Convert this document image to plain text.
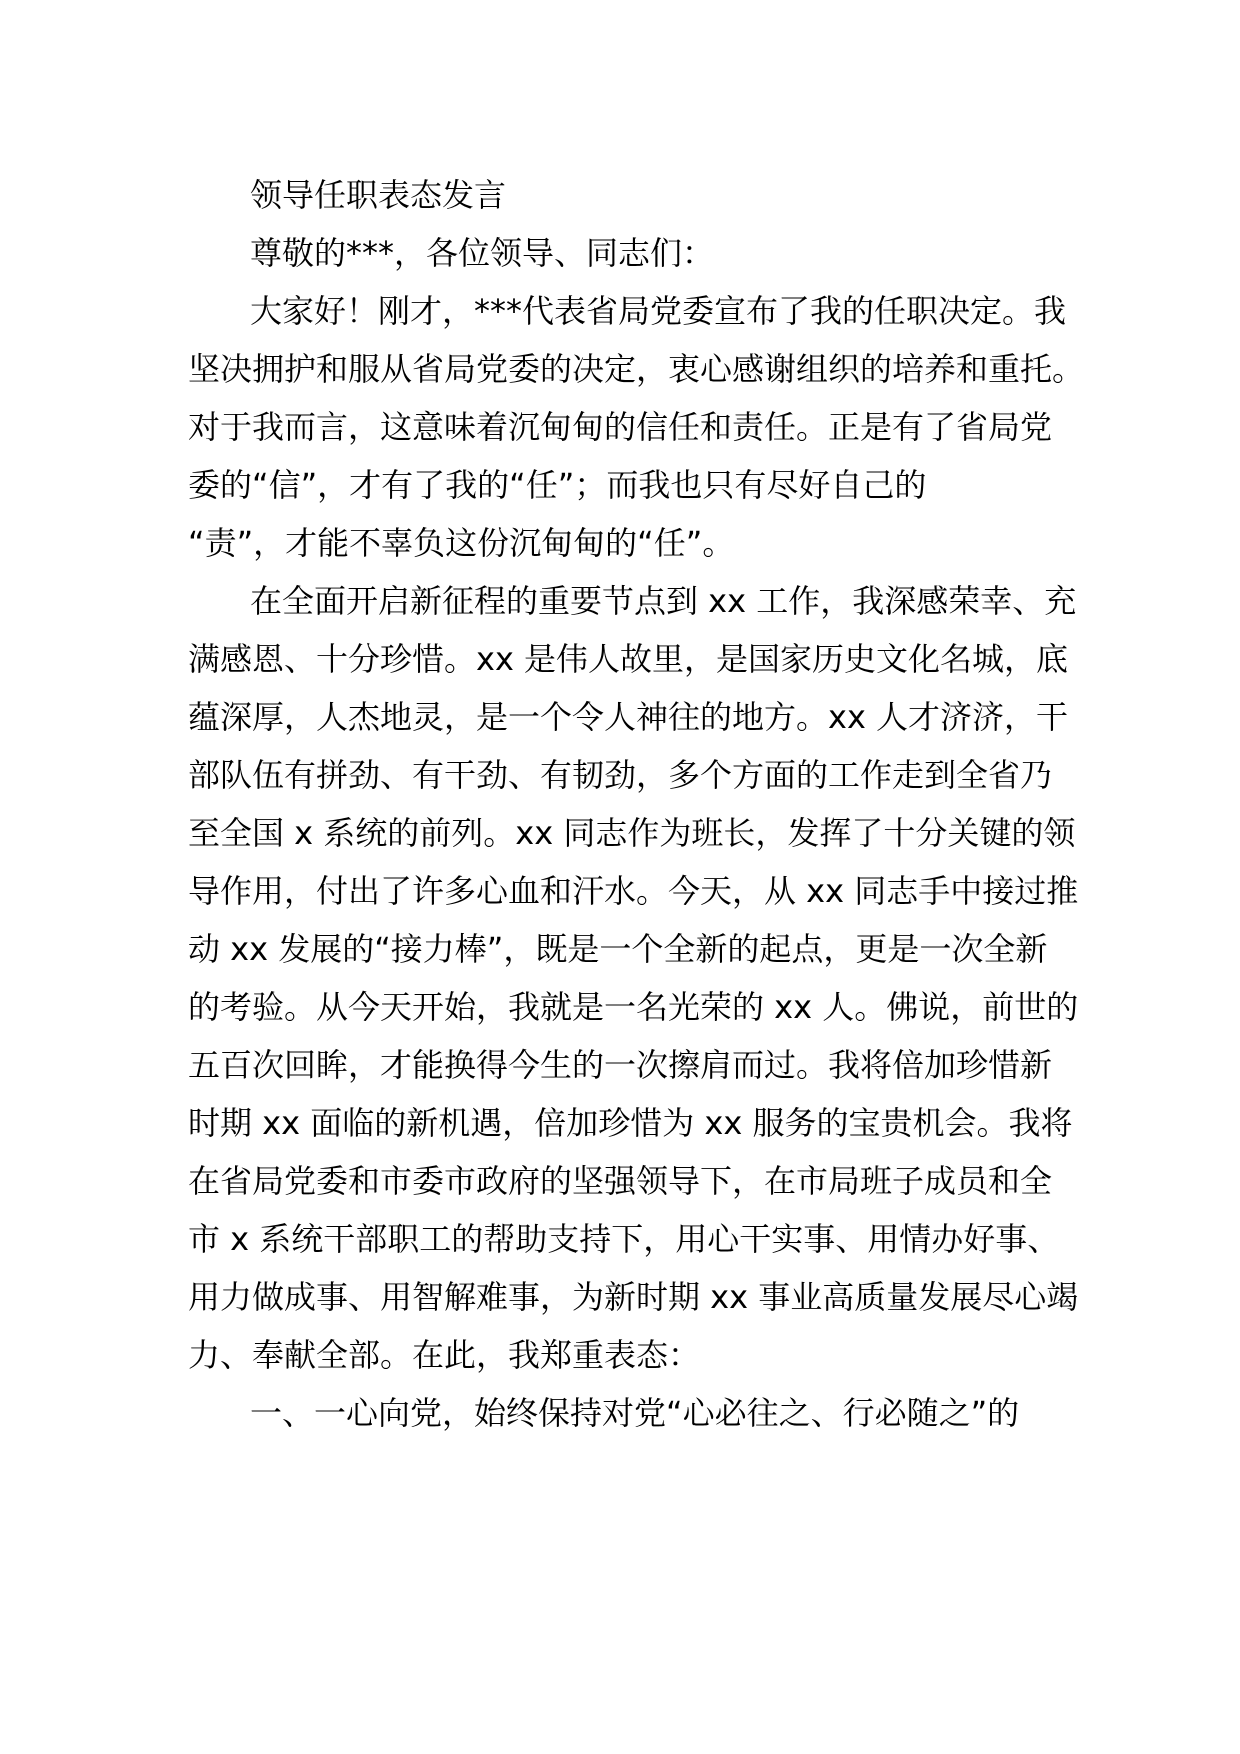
领导任职表态发言
尊敬的***，各位领导、同志们：
大家好！刚才，***代表省局党委宣布了我的任职决定。我
坚决拥护和服从省局党委的决定，衷心感谢组织的培养和重托。
对于我而言，这意味着沉甸甸的信任和责任。正是有了省局党
委的“信”，才有了我的“任”；而我也只有尽好自己的
“责”，才能不辜负这份沉甸甸的“任”。
在全面开启新征程的重要节点到 xx 工作，我深感荣幸、充
满感恩、十分珍惜。xx 是伟人故里，是国家历史文化名城，底
蕴深厚，人杰地灵，是一个令人神往的地方。xx 人才济济，干
部队伍有拼劲、有干劲、有韧劲，多个方面的工作走到全省乃
至全国 x 系统的前列。xx 同志作为班长，发挥了十分关键的领
导作用，付出了许多心血和汗水。今天，从 xx 同志手中接过推
动 xx 发展的“接力棒”，既是一个全新的起点，更是一次全新
的考验。从今天开始，我就是一名光荣的 xx 人。佛说，前世的
五百次回眸，才能换得今生的一次擦肩而过。我将倍加珍惜新
时期 xx 面临的新机遇，倍加珍惜为 xx 服务的宝贵机会。我将
在省局党委和市委市政府的坚强领导下，在市局班子成员和全
市 x 系统干部职工的帮助支持下，用心干实事、用情办好事、
用力做成事、用智解难事，为新时期 xx 事业高质量发展尽心竭
力、奉献全部。在此，我郑重表态：
一、一心向党，始终保持对党“心必往之、行必随之”的
